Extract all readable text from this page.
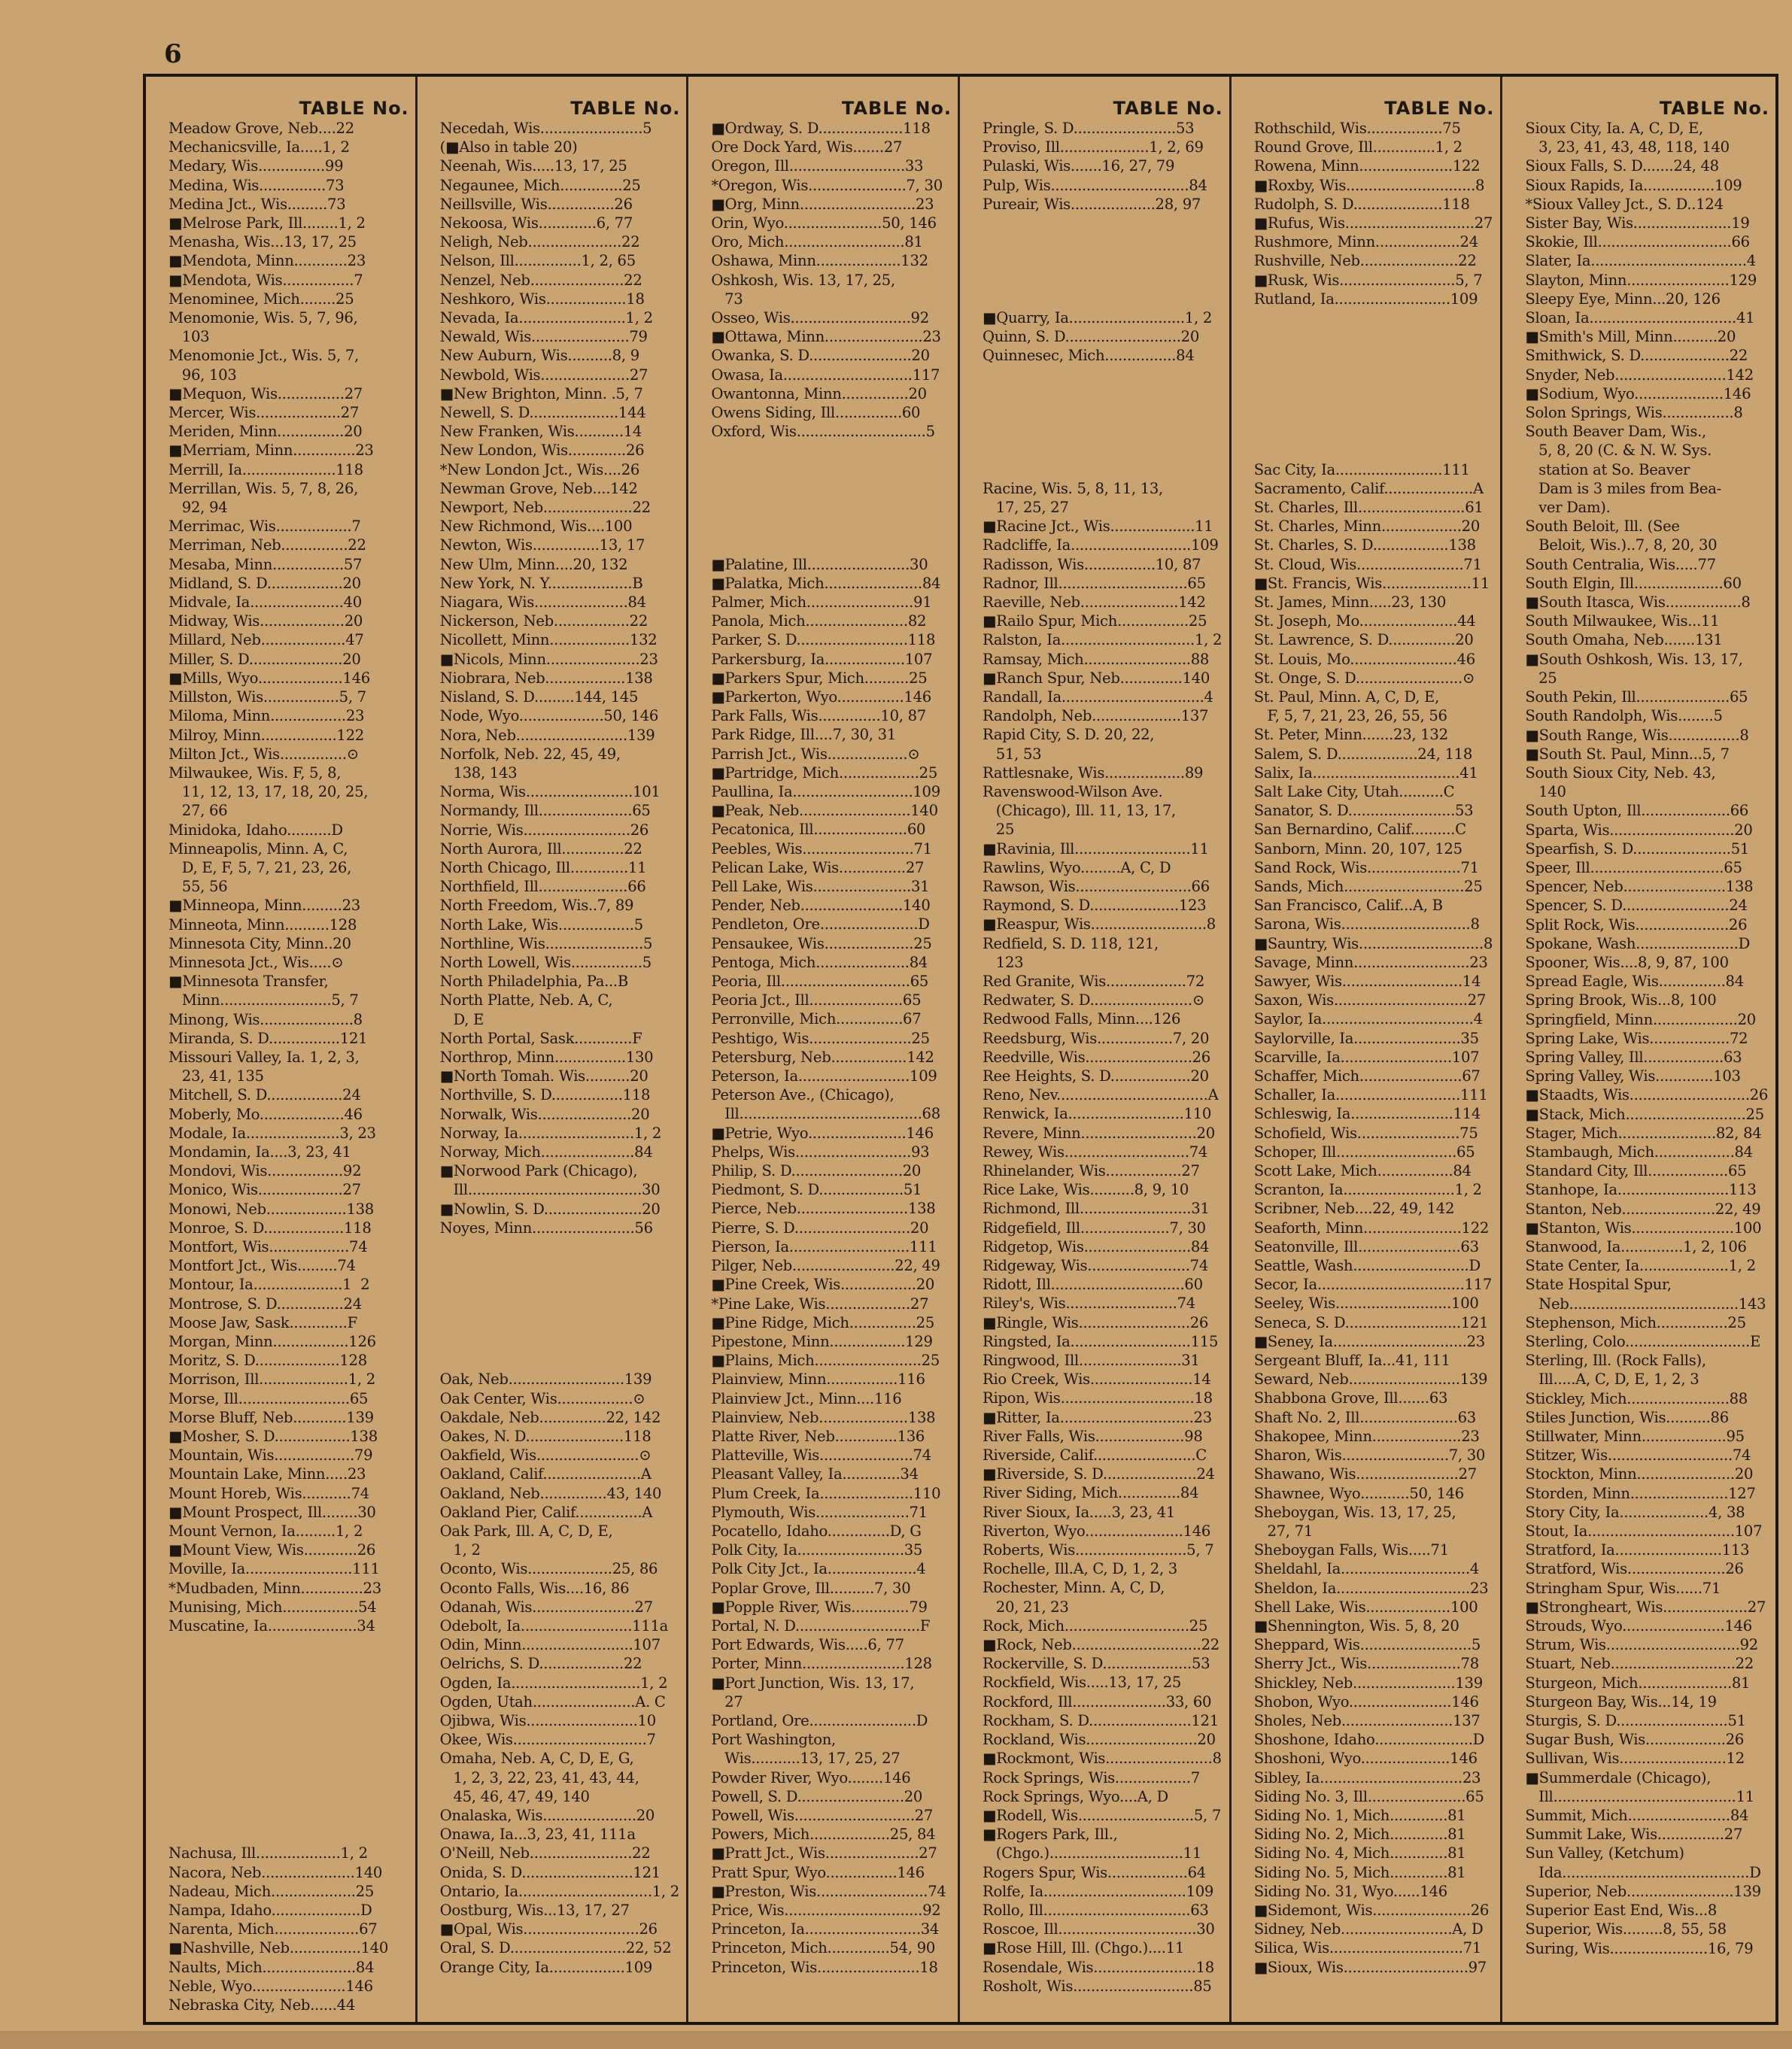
6
TABLE No.
Meadow Grove, Neb....22
Mechanicsville, Ia.....1, 2
Medary, Wis...............99
Medina, Wis...............73
Medina Jct., Wis.........73
■Melrose Park, Ill........1, 2
Menasha, Wis...13, 17, 25
■Mendota, Minn............23
■Mendota, Wis................7
Menominee, Mich........25
Menomonie, Wis. 5, 7, 96,
103
Menomonie Jct., Wis. 5, 7,
96, 103
■Mequon, Wis...............27
Mercer, Wis...................27
Meriden, Minn...............20
■Merriam, Minn..............23
Merrill, Ia.....................118
Merrillan, Wis. 5, 7, 8, 26,
92, 94
Merrimac, Wis.................7
Merriman, Neb...............22
Mesaba, Minn................57
Midland, S. D.................20
Midvale, Ia.....................40
Midway, Wis...................20
Millard, Neb...................47
Miller, S. D.....................20
■Mills, Wyo...................146
Millston, Wis.................5, 7
Miloma, Minn.................23
Milroy, Minn.................122
Milton Jct., Wis...............⊙
Milwaukee, Wis. F, 5, 8,
11, 12, 13, 17, 18, 20, 25,
27, 66
Minidoka, Idaho..........D
Minneapolis, Minn. A, C,
D, E, F, 5, 7, 21, 23, 26,
55, 56
■Minneopa, Minn.........23
Minneota, Minn..........128
Minnesota City, Minn..20
Minnesota Jct., Wis.....⊙
■Minnesota Transfer,
Minn.........................5, 7
Minong, Wis.....................8
Miranda, S. D................121
Missouri Valley, Ia. 1, 2, 3,
23, 41, 135
Mitchell, S. D.................24
Moberly, Mo...................46
Modale, Ia.....................3, 23
Mondamin, Ia....3, 23, 41
Mondovi, Wis.................92
Monico, Wis...................27
Monowi, Neb..................138
Monroe, S. D..................118
Montfort, Wis..................74
Montfort Jct., Wis.........74
Montour, Ia....................1  2
Montrose, S. D...............24
Moose Jaw, Sask.............F
Morgan, Minn.................126
Moritz, S. D...................128
Morrison, Ill....................1, 2
Morse, Ill.........................65
Morse Bluff, Neb............139
■Mosher, S. D.................138
Mountain, Wis..................79
Mountain Lake, Minn.....23
Mount Horeb, Wis...........74
■Mount Prospect, Ill........30
Mount Vernon, Ia.........1, 2
■Mount View, Wis............26
Moville, Ia........................111
*Mudbaden, Minn..............23
Munising, Mich.................54
Muscatine, Ia....................34
Nachusa, Ill...................1, 2
Nacora, Neb.....................140
Nadeau, Mich...................25
Nampa, Idaho....................D
Narenta, Mich...................67
■Nashville, Neb................140
Naults, Mich.....................84
Neble, Wyo.....................146
Nebraska City, Neb......44
TABLE No.
Necedah, Wis.......................5
(■Also in table 20)
Neenah, Wis.....13, 17, 25
Negaunee, Mich..............25
Neillsville, Wis...............26
Nekoosa, Wis.............6, 77
Neligh, Neb.....................22
Nelson, Ill...............1, 2, 65
Nenzel, Neb.....................22
Neshkoro, Wis..................18
Nevada, Ia........................1, 2
Newald, Wis......................79
New Auburn, Wis..........8, 9
Newbold, Wis....................27
■New Brighton, Minn. .5, 7
Newell, S. D....................144
New Franken, Wis...........14
New London, Wis.............26
*New London Jct., Wis....26
Newman Grove, Neb....142
Newport, Neb....................22
New Richmond, Wis....100
Newton, Wis...............13, 17
New Ulm, Minn....20, 132
New York, N. Y...................B
Niagara, Wis.....................84
Nickerson, Neb.................22
Nicollett, Minn..................132
■Nicols, Minn.....................23
Niobrara, Neb..................138
Nisland, S. D.........144, 145
Node, Wyo...................50, 146
Nora, Neb.........................139
Norfolk, Neb. 22, 45, 49,
138, 143
Norma, Wis........................101
Normandy, Ill.....................65
Norrie, Wis........................26
North Aurora, Ill..............22
North Chicago, Ill.............11
Northfield, Ill....................66
North Freedom, Wis..7, 89
North Lake, Wis.................5
Northline, Wis......................5
North Lowell, Wis................5
North Philadelphia, Pa...B
North Platte, Neb. A, C,
D, E
North Portal, Sask.............F
Northrop, Minn................130
■North Tomah. Wis..........20
Northville, S. D................118
Norwalk, Wis.....................20
Norway, Ia..........................1, 2
Norway, Mich.....................84
■Norwood Park (Chicago),
Ill.......................................30
■Nowlin, S. D......................20
Noyes, Minn.......................56
Oak, Neb..........................139
Oak Center, Wis.................⊙
Oakdale, Neb...............22, 142
Oakes, N. D......................118
Oakfield, Wis.......................⊙
Oakland, Calif......................A
Oakland, Neb...............43, 140
Oakland Pier, Calif...............A
Oak Park, Ill. A, C, D, E,
1, 2
Oconto, Wis...................25, 86
Oconto Falls, Wis....16, 86
Odanah, Wis.......................27
Odebolt, Ia.........................111a
Odin, Minn.........................107
Oelrichs, S. D...................22
Ogden, Ia.............................1, 2
Ogden, Utah.......................A. C
Ojibwa, Wis.........................10
Okee, Wis..............................7
Omaha, Neb. A, C, D, E, G,
1, 2, 3, 22, 23, 41, 43, 44,
45, 46, 47, 49, 140
Onalaska, Wis.....................20
Onawa, Ia...3, 23, 41, 111a
O'Neill, Neb.......................22
Onida, S. D.........................121
Ontario, Ia..............................1, 2
Oostburg, Wis...13, 17, 27
■Opal, Wis..........................26
Oral, S. D..........................22, 52
Orange City, Ia.................109
TABLE No.
■Ordway, S. D...................118
Ore Dock Yard, Wis.......27
Oregon, Ill..........................33
*Oregon, Wis......................7, 30
■Org, Minn..........................23
Orin, Wyo......................50, 146
Oro, Mich...........................81
Oshawa, Minn...................132
Oshkosh, Wis. 13, 17, 25,
73
Osseo, Wis...........................92
■Ottawa, Minn......................23
Owanka, S. D.......................20
Owasa, Ia.............................117
Owantonna, Minn...............20
Owens Siding, Ill...............60
Oxford, Wis.............................5
■Palatine, Ill.......................30
■Palatka, Mich......................84
Palmer, Mich........................91
Panola, Mich.......................82
Parker, S. D.........................118
Parkersburg, Ia..................107
■Parkers Spur, Mich..........25
■Parkerton, Wyo...............146
Park Falls, Wis..............10, 87
Park Ridge, Ill....7, 30, 31
Parrish Jct., Wis..................⊙
■Partridge, Mich..................25
Paullina, Ia...........................109
■Peak, Neb.........................140
Pecatonica, Ill.....................60
Peebles, Wis.........................71
Pelican Lake, Wis...............27
Pell Lake, Wis......................31
Pender, Neb.......................140
Pendleton, Ore......................D
Pensaukee, Wis....................25
Pentoga, Mich.....................84
Peoria, Ill.............................65
Peoria Jct., Ill.....................65
Perronville, Mich...............67
Peshtigo, Wis.......................25
Petersburg, Neb.................142
Peterson, Ia.........................109
Peterson Ave., (Chicago),
Ill.........................................68
■Petrie, Wyo......................146
Phelps, Wis..........................93
Philip, S. D.........................20
Piedmont, S. D...................51
Pierce, Neb.........................138
Pierre, S. D..........................20
Pierson, Ia...........................111
Pilger, Neb.......................22, 49
■Pine Creek, Wis.................20
*Pine Lake, Wis...................27
■Pine Ridge, Mich...............25
Pipestone, Minn.................129
■Plains, Mich........................25
Plainview, Minn................116
Plainview Jct., Minn....116
Plainview, Neb....................138
Platte River, Neb..............136
Platteville, Wis.....................74
Pleasant Valley, Ia.............34
Plum Creek, Ia.....................110
Plymouth, Wis.....................71
Pocatello, Idaho..............D, G
Polk City, Ia........................35
Polk City Jct., Ia....................4
Poplar Grove, Ill..........7, 30
■Popple River, Wis.............79
Portal, N. D............................F
Port Edwards, Wis.....6, 77
Porter, Minn.......................128
■Port Junction, Wis. 13, 17,
27
Portland, Ore........................D
Port Washington,
Wis...........13, 17, 25, 27
Powder River, Wyo........146
Powell, S. D........................20
Powell, Wis...........................27
Powers, Mich..................25, 84
■Pratt Jct., Wis.....................27
Pratt Spur, Wyo................146
■Preston, Wis.........................74
Price, Wis...............................92
Princeton, Ia..........................34
Princeton, Mich..............54, 90
Princeton, Wis.......................18
TABLE No.
Pringle, S. D.......................53
Proviso, Ill....................1, 2, 69
Pulaski, Wis.......16, 27, 79
Pulp, Wis...............................84
Pureair, Wis...................28, 97
■Quarry, Ia..........................1, 2
Quinn, S. D..........................20
Quinnesec, Mich................84
Racine, Wis. 5, 8, 11, 13,
17, 25, 27
■Racine Jct., Wis...................11
Radcliffe, Ia...........................109
Radisson, Wis................10, 87
Radnor, Ill.............................65
Raeville, Neb......................142
■Railo Spur, Mich................25
Ralston, Ia..............................1, 2
Ramsay, Mich........................88
■Ranch Spur, Neb..............140
Randall, Ia................................4
Randolph, Neb....................137
Rapid City, S. D. 20, 22,
51, 53
Rattlesnake, Wis..................89
Ravenswood-Wilson Ave.
(Chicago), Ill. 11, 13, 17,
25
■Ravinia, Ill..........................11
Rawlins, Wyo.........A, C, D
Rawson, Wis..........................66
Raymond, S. D....................123
■Reaspur, Wis..........................8
Redfield, S. D. 118, 121,
123
Red Granite, Wis..................72
Redwater, S. D.......................⊙
Redwood Falls, Minn....126
Reedsburg, Wis.................7, 20
Reedville, Wis........................26
Ree Heights, S. D..................20
Reno, Nev..................................A
Renwick, Ia..........................110
Revere, Minn..........................20
Rewey, Wis............................74
Rhinelander, Wis.................27
Rice Lake, Wis..........8, 9, 10
Richmond, Ill.........................31
Ridgefield, Ill....................7, 30
Ridgetop, Wis........................84
Ridgeway, Wis.......................74
Ridott, Ill..............................60
Riley's, Wis.........................74
■Ringle, Wis.........................26
Ringsted, Ia...........................115
Ringwood, Ill.......................31
Rio Creek, Wis.......................14
Ripon, Wis..............................18
■Ritter, Ia..............................23
River Falls, Wis....................98
Riverside, Calif.......................C
■Riverside, S. D.....................24
River Siding, Mich..............84
River Sioux, Ia.....3, 23, 41
Riverton, Wyo......................146
Roberts, Wis.........................5, 7
Rochelle, Ill.A, C, D, 1, 2, 3
Rochester, Minn. A, C, D,
20, 21, 23
Rock, Mich............................25
■Rock, Neb.............................22
Rockerville, S. D....................53
Rockfield, Wis.....13, 17, 25
Rockford, Ill.....................33, 60
Rockham, S. D.......................121
Rockland, Wis.........................20
■Rockmont, Wis........................8
Rock Springs, Wis.................7
Rock Springs, Wyo....A, D
■Rodell, Wis..........................5, 7
■Rogers Park, Ill.,
(Chgo.)..............................11
Rogers Spur, Wis..................64
Rolfe, Ia................................109
Rollo, Ill.................................63
Roscoe, Ill...............................30
■Rose Hill, Ill. (Chgo.)....11
Rosendale, Wis.......................18
Rosholt, Wis...........................85
TABLE No.
Rothschild, Wis.................75
Round Grove, Ill..............1, 2
Rowena, Minn.....................122
■Roxby, Wis.............................8
Rudolph, S. D....................118
■Rufus, Wis.............................27
Rushmore, Minn...................24
Rushville, Neb......................22
■Rusk, Wis..........................5, 7
Rutland, Ia..........................109
Sac City, Ia........................111
Sacramento, Calif....................A
St. Charles, Ill........................61
St. Charles, Minn..................20
St. Charles, S. D.................138
St. Cloud, Wis........................71
■St. Francis, Wis....................11
St. James, Minn.....23, 130
St. Joseph, Mo......................44
St. Lawrence, S. D...............20
St. Louis, Mo........................46
St. Onge, S. D........................⊙
St. Paul, Minn. A, C, D, E,
F, 5, 7, 21, 23, 26, 55, 56
St. Peter, Minn.......23, 132
Salem, S. D..................24, 118
Salix, Ia.................................41
Salt Lake City, Utah..........C
Sanator, S. D........................53
San Bernardino, Calif..........C
Sanborn, Minn. 20, 107, 125
Sand Rock, Wis.....................71
Sands, Mich...........................25
San Francisco, Calif...A, B
Sarona, Wis.............................8
■Sauntry, Wis............................8
Savage, Minn..........................23
Sawyer, Wis...........................14
Saxon, Wis..............................27
Saylor, Ia..................................4
Saylorville, Ia........................35
Scarville, Ia.........................107
Schaffer, Mich.......................67
Schaller, Ia............................111
Schleswig, Ia.......................114
Schofield, Wis.......................75
Schoper, Ill...........................65
Scott Lake, Mich.................84
Scranton, Ia.........................1, 2
Scribner, Neb....22, 49, 142
Seaforth, Minn......................122
Seatonville, Ill.......................63
Seattle, Wash..........................D
Secor, Ia.................................117
Seeley, Wis..........................100
Seneca, S. D..........................121
■Seney, Ia..............................23
Sergeant Bluff, Ia...41, 111
Seward, Neb.........................139
Shabbona Grove, Ill.......63
Shaft No. 2, Ill......................63
Shakopee, Minn....................23
Sharon, Wis........................7, 30
Shawano, Wis.......................27
Shawnee, Wyo...........50, 146
Sheboygan, Wis. 13, 17, 25,
27, 71
Sheboygan Falls, Wis.....71
Sheldahl, Ia.............................4
Sheldon, Ia..............................23
Shell Lake, Wis...................100
■Shennington, Wis. 5, 8, 20
Sheppard, Wis.........................5
Sherry Jct., Wis.....................78
Shickley, Neb.......................139
Shobon, Wyo.......................146
Sholes, Neb.........................137
Shoshone, Idaho......................D
Shoshoni, Wyo....................146
Sibley, Ia................................23
Siding No. 3, Ill......................65
Siding No. 1, Mich.............81
Siding No. 2, Mich.............81
Siding No. 4, Mich.............81
Siding No. 5, Mich.............81
Siding No. 31, Wyo......146
■Sidemont, Wis......................26
Sidney, Neb.........................A, D
Silica, Wis..............................71
■Sioux, Wis............................97
TABLE No.
Sioux City, Ia. A, C, D, E,
3, 23, 41, 43, 48, 118, 140
Sioux Falls, S. D.......24, 48
Sioux Rapids, Ia................109
*Sioux Valley Jct., S. D..124
Sister Bay, Wis......................19
Skokie, Ill..............................66
Slater, Ia...................................4
Slayton, Minn.......................129
Sleepy Eye, Minn...20, 126
Sloan, Ia.................................41
■Smith's Mill, Minn..........20
Smithwick, S. D....................22
Snyder, Neb.........................142
■Sodium, Wyo....................146
Solon Springs, Wis................8
South Beaver Dam, Wis.,
5, 8, 20 (C. & N. W. Sys.
station at So. Beaver
Dam is 3 miles from Bea-
ver Dam).
South Beloit, Ill. (See
Beloit, Wis.)..7, 8, 20, 30
South Centralia, Wis.....77
South Elgin, Ill....................60
■South Itasca, Wis.................8
South Milwaukee, Wis...11
South Omaha, Neb.......131
■South Oshkosh, Wis. 13, 17,
25
South Pekin, Ill.....................65
South Randolph, Wis........5
■South Range, Wis................8
■South St. Paul, Minn...5, 7
South Sioux City, Neb. 43,
140
South Upton, Ill....................66
Sparta, Wis............................20
Spearfish, S. D......................51
Speer, Ill..............................65
Spencer, Neb.......................138
Spencer, S. D........................24
Split Rock, Wis.....................26
Spokane, Wash.......................D
Spooner, Wis....8, 9, 87, 100
Spread Eagle, Wis...............84
Spring Brook, Wis...8, 100
Springfield, Minn...................20
Spring Lake, Wis..................72
Spring Valley, Ill..................63
Spring Valley, Wis.............103
■Staadts, Wis...........................26
■Stack, Mich...........................25
Stager, Mich......................82, 84
Stambaugh, Mich..................84
Standard City, Ill..................65
Stanhope, Ia.........................113
Stanton, Neb.....................22, 49
■Stanton, Wis.......................100
Stanwood, Ia..............1, 2, 106
State Center, Ia....................1, 2
State Hospital Spur,
Neb......................................143
Stephenson, Mich................25
Sterling, Colo............................E
Sterling, Ill. (Rock Falls),
Ill.....A, C, D, E, 1, 2, 3
Stickley, Mich.......................88
Stiles Junction, Wis..........86
Stillwater, Minn...................95
Stitzer, Wis............................74
Stockton, Minn......................20
Storden, Minn......................127
Story City, Ia....................4, 38
Stout, Ia.................................107
Stratford, Ia........................113
Stratford, Wis......................26
Stringham Spur, Wis......71
■Strongheart, Wis...................27
Strouds, Wyo.......................146
Strum, Wis..............................92
Stuart, Neb............................22
Sturgeon, Mich.....................81
Sturgeon Bay, Wis...14, 19
Sturgis, S. D.........................51
Sugar Bush, Wis..................26
Sullivan, Wis........................12
■Summerdale (Chicago),
Ill.........................................11
Summit, Mich.......................84
Summit Lake, Wis...............27
Sun Valley, (Ketchum)
Ida..........................................D
Superior, Neb........................139
Superior East End, Wis...8
Superior, Wis.........8, 55, 58
Suring, Wis......................16, 79
